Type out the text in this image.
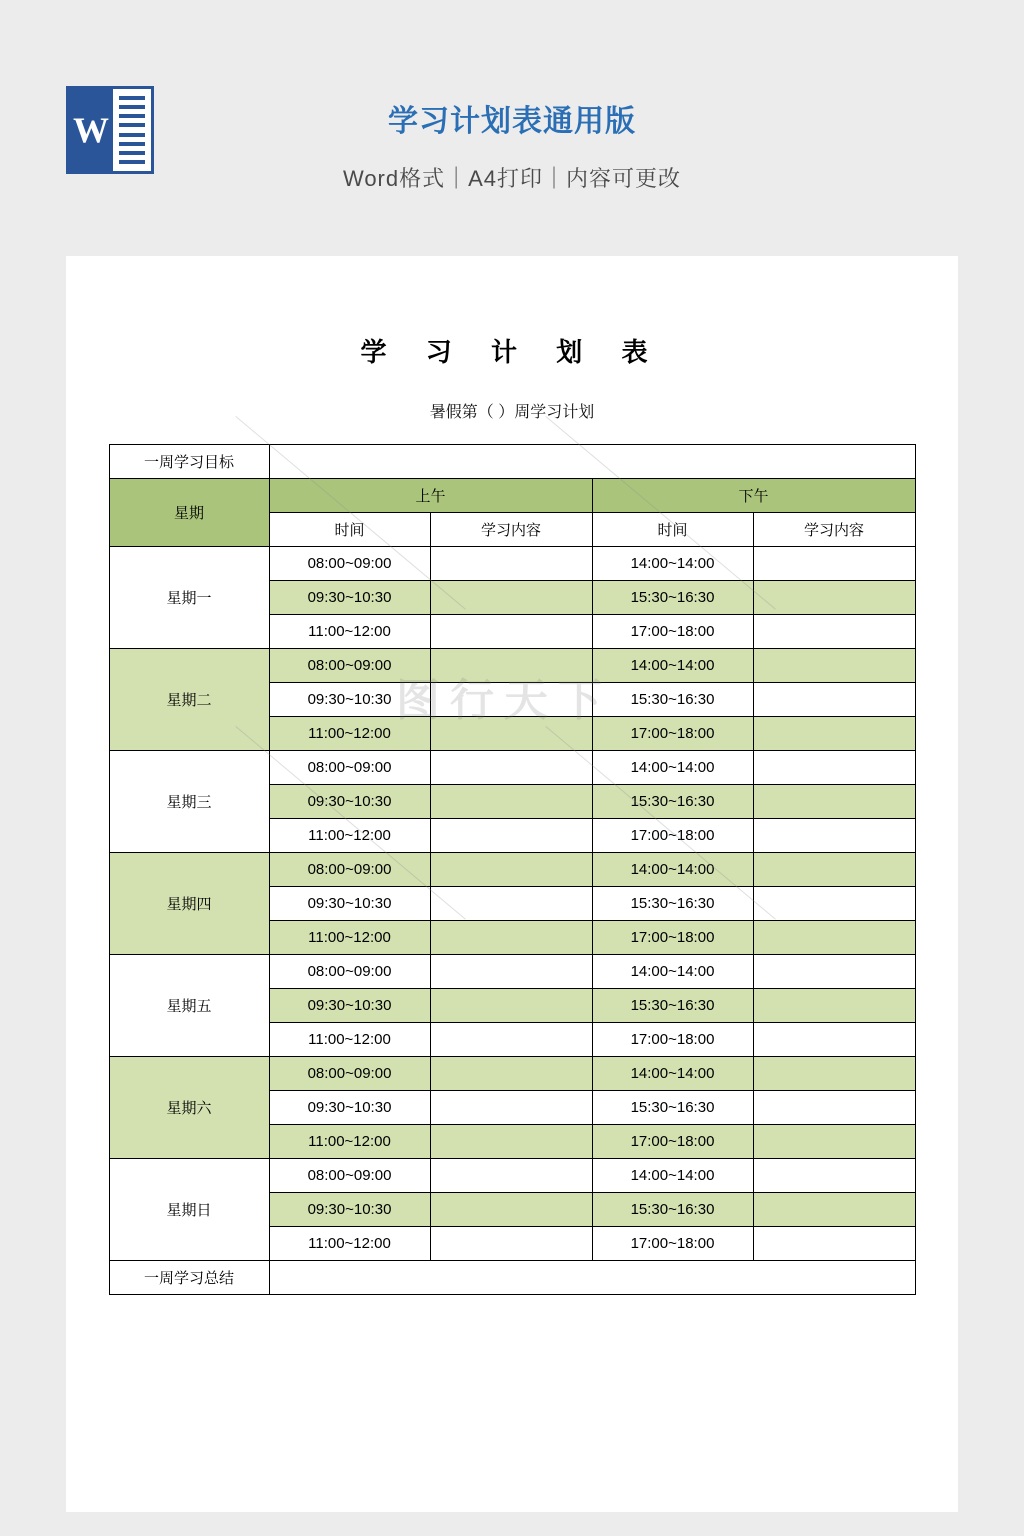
W	学习计划表通用版
Word格式｜A4打印｜内容可更改
学 习 计 划 表
暑假第（ ）周学习计划
一周学习目标				
星期	上午		下午	
	时间	学习内容	时间	学习内容
星期一	08:00~09:00		14:00~14:00	
	09:30~10:30		15:30~16:30	
	11:00~12:00		17:00~18:00	
星期二	08:00~09:00		14:00~14:00	
	09:30~10:30		15:30~16:30	
	11:00~12:00		17:00~18:00	
星期三	08:00~09:00		14:00~14:00	
	09:30~10:30		15:30~16:30	
	11:00~12:00		17:00~18:00	
星期四	08:00~09:00		14:00~14:00	
	09:30~10:30		15:30~16:30	
	11:00~12:00		17:00~18:00	
星期五	08:00~09:00		14:00~14:00	
	09:30~10:30		15:30~16:30	
	11:00~12:00		17:00~18:00	
星期六	08:00~09:00		14:00~14:00	
	09:30~10:30		15:30~16:30	
	11:00~12:00		17:00~18:00	
星期日	08:00~09:00		14:00~14:00	
	09:30~10:30		15:30~16:30	
	11:00~12:00		17:00~18:00	
一周学习总结				
图行天下
